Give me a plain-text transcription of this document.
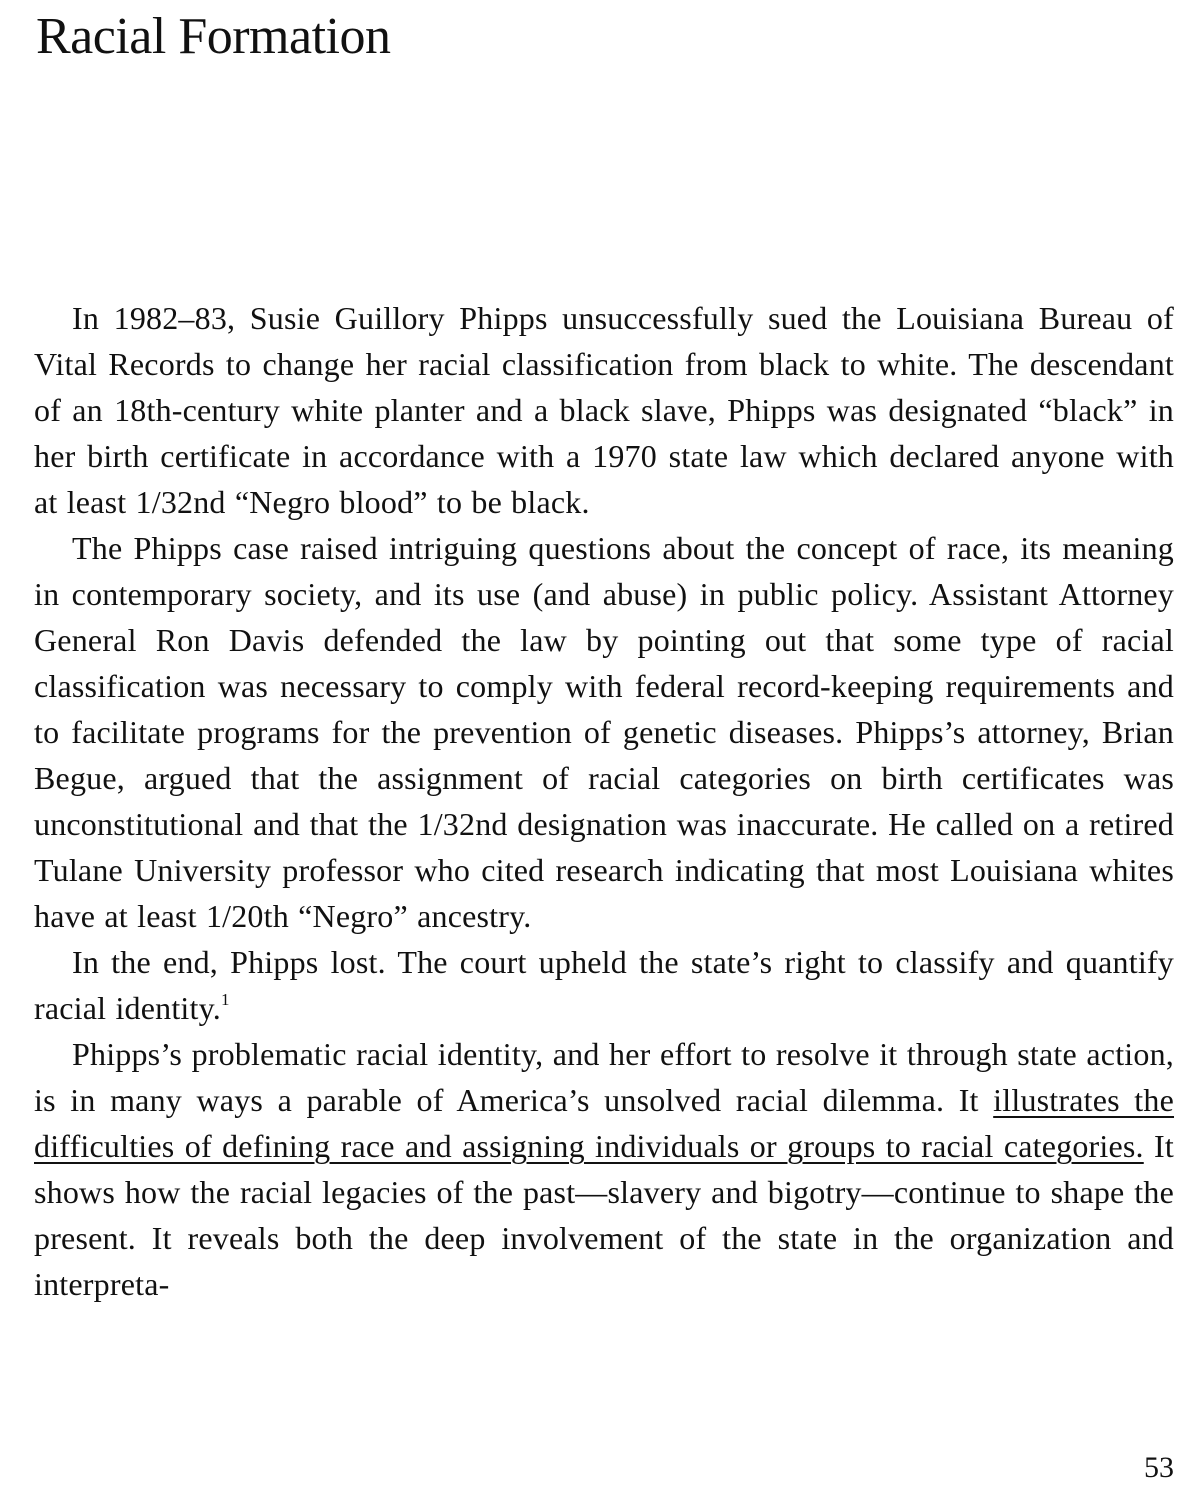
Racial Formation

In 1982–83, Susie Guillory Phipps unsuccessfully sued the Louisiana Bureau of Vital Records to change her racial classification from black to white. The descendant of an 18th-century white planter and a black slave, Phipps was designated “black” in her birth certificate in accordance with a 1970 state law which declared anyone with at least 1/32nd “Negro blood” to be black.

The Phipps case raised intriguing questions about the concept of race, its meaning in contemporary society, and its use (and abuse) in public policy. Assistant Attorney General Ron Davis defended the law by pointing out that some type of racial classification was necessary to comply with federal record-keeping requirements and to facilitate programs for the prevention of genetic diseases. Phipps’s attorney, Brian Begue, argued that the assignment of racial categories on birth certificates was unconstitutional and that the 1/32nd designation was inaccurate. He called on a retired Tulane University professor who cited research indicating that most Louisiana whites have at least 1/20th “Negro” ancestry.

In the end, Phipps lost. The court upheld the state’s right to classify and quantify racial identity.$^1$

Phipps’s problematic racial identity, and her effort to resolve it through state action, is in many ways a parable of America’s unsolved racial dilemma. It illustrates the difficulties of defining race and assigning individuals or groups to racial categories. It shows how the racial legacies of the past—slavery and bigotry—continue to shape the present. It reveals both the deep involvement of the state in the organization and interpreta-

53
